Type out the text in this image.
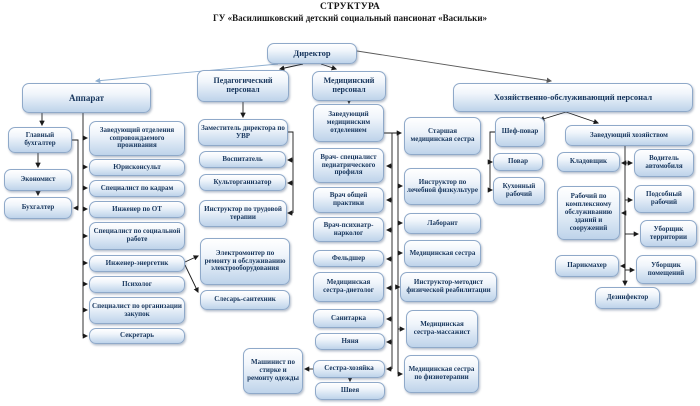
СТРУКТУРА
ГУ «Василишковский детский социальный пансионат «Васильки»
Директор
Аппарат
Педагогический персонал
Медицинский персонал
Хозяйственно-обслуживающий персонал
Главный бухгалтер
Экономист
Бухгалтер
Заведующий отделения сопровождаемого проживания
Юрисконсульт
Специалист по кадрам
Инженер по ОТ
Специалист по социальной работе
Инженер-энергетик
Психолог
Специалист по организации закупок
Секретарь
Заместитель директора по УВР
Воспитатель
Культорганизатор
Инструктор по трудовой терапии
Электромонтер по ремонту и обслуживанию электрооборудования
Слесарь-сантехник
Машинист по стирке и ремонту одежды
Заведующий медицинским отделением
Врач- специалист педиатрического профиля
Врач общей практики
Врач-психиатр-нарколог
Фельдшер
Медицинская сестра-диетолог
Санитарка
Няня
Сестра-хозяйка
Швея
Старшая медицинская сестра
Инструктор по лечебной физкультуре
Лаборант
Медицинская сестра
Инструктор-методист физической реабилитации
Медицинская сестра-массажист
Медицинская сестра по физиотерапии
Шеф-повар
Повар
Кухонный рабочий
Заведующий хозяйством
Кладовщик	Водитель автомобиля
Рабочий по комплексному обслуживанию зданий и сооружений
Подсобный рабочий
Уборщик территории
Парикмахер	Уборщик помещений
Дезинфектор
